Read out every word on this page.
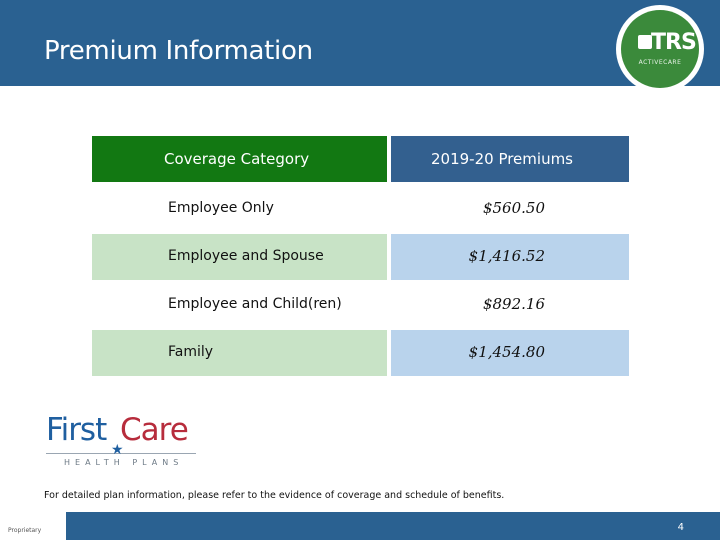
Premium Information	TRS
ACTIVECARE
Coverage Category	2019-20 Premiums
Employee Only	$560.50
Employee and Spouse	$1,416.52
Employee and Child(ren)	$892.16
Family	$1,454.80
First Care
★
HEALTH PLANS
For detailed plan information, please refer to the evidence of coverage and schedule of benefits.
4
Proprietary
